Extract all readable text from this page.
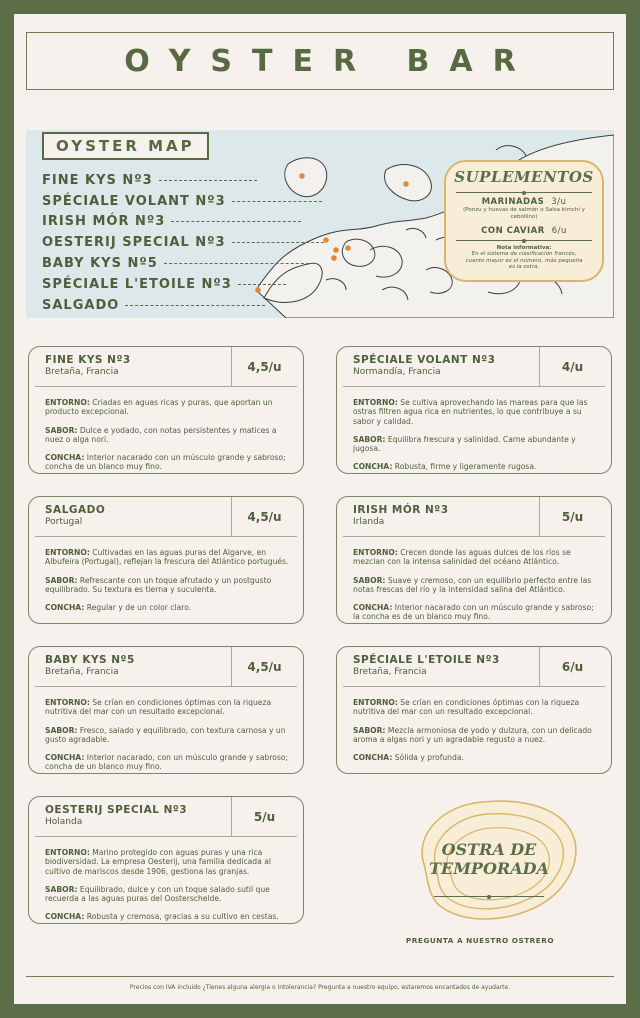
OYSTER BAR
OYSTER MAP
FINE KYS Nº3
SPÉCIALE VOLANT Nº3
IRISH MÓR Nº3
OESTERIJ SPECIAL Nº3
BABY KYS Nº5
SPÉCIALE L'ETOILE Nº3
SALGADO
SUPLEMENTOS
MARINADAS 3/u
(Ponzu y huevas de salmón o Salsa kimchi y cebollino)
CON CAVIAR 6/u
Nota informativa:
En el sistema de clasificación francés, cuanto mayor es el número, más pequeña es la ostra.
FINE KYS Nº3
Bretaña, Francia	4,5/u

ENTORNO: Criadas en aguas ricas y puras, que aportan un producto excepcional.

SABOR: Dulce e yodado, con notas persistentes y matices a nuez o alga nori.

CONCHA: Interior nacarado con un músculo grande y sabroso; concha de un blanco muy fino.

SPÉCIALE VOLANT Nº3
Normandía, Francia	4/u

ENTORNO: Se cultiva aprovechando las mareas para que las ostras filtren agua rica en nutrientes, lo que contribuye a su sabor y calidad.

SABOR: Equilibra frescura y salinidad. Carne abundante y jugosa.

CONCHA: Robusta, firme y ligeramente rugosa.

SALGADO
Portugal	4,5/u

ENTORNO: Cultivadas en las aguas puras del Algarve, en Albufeira (Portugal), reflejan la frescura del Atlántico portugués.

SABOR: Refrescante con un toque afrutado y un postgusto equilibrado. Su textura es tierna y suculenta.

CONCHA: Regular y de un color claro.

IRISH MÓR Nº3
Irlanda	5/u

ENTORNO: Crecen donde las aguas dulces de los ríos se mezclan con la intensa salinidad del océano Atlántico.

SABOR: Suave y cremoso, con un equilibrio perfecto entre las notas frescas del río y la intensidad salina del Atlántico.

CONCHA: Interior nacarado con un músculo grande y sabroso; la concha es de un blanco muy fino.

BABY KYS Nº5
Bretaña, Francia	4,5/u

ENTORNO: Se crían en condiciones óptimas con la riqueza nutritiva del mar con un resultado excepcional.

SABOR: Fresco, salado y equilibrado, con textura carnosa y un gusto agradable.

CONCHA: Interior nacarado, con un músculo grande y sabroso; concha de un blanco muy fino.

SPÉCIALE L'ETOILE Nº3
Bretaña, Francia	6/u

ENTORNO: Se crían en condiciones óptimas con la riqueza nutritiva del mar con un resultado excepcional.

SABOR: Mezcla armoniosa de yodo y dulzura, con un delicado aroma a algas nori y un agradable regusto a nuez.

CONCHA: Sólida y profunda.

OESTERIJ SPECIAL Nº3
Holanda	5/u

ENTORNO: Marino protegido con aguas puras y una rica biodiversidad. La empresa Oesterij, una familia dedicada al cultivo de mariscos desde 1906, gestiona las granjas.

SABOR: Equilibrado, dulce y con un toque salado sutil que recuerda a las aguas puras del Oosterschelde.

CONCHA: Robusta y cremosa, gracias a su cultivo en cestas.

OSTRA DE
TEMPORADA
PREGUNTA A NUESTRO OSTRERO
Precios con IVA incluido ¿Tienes alguna alergia o intolerancia? Pregunta a nuestro equipo, estaremos encantados de ayudarte.
